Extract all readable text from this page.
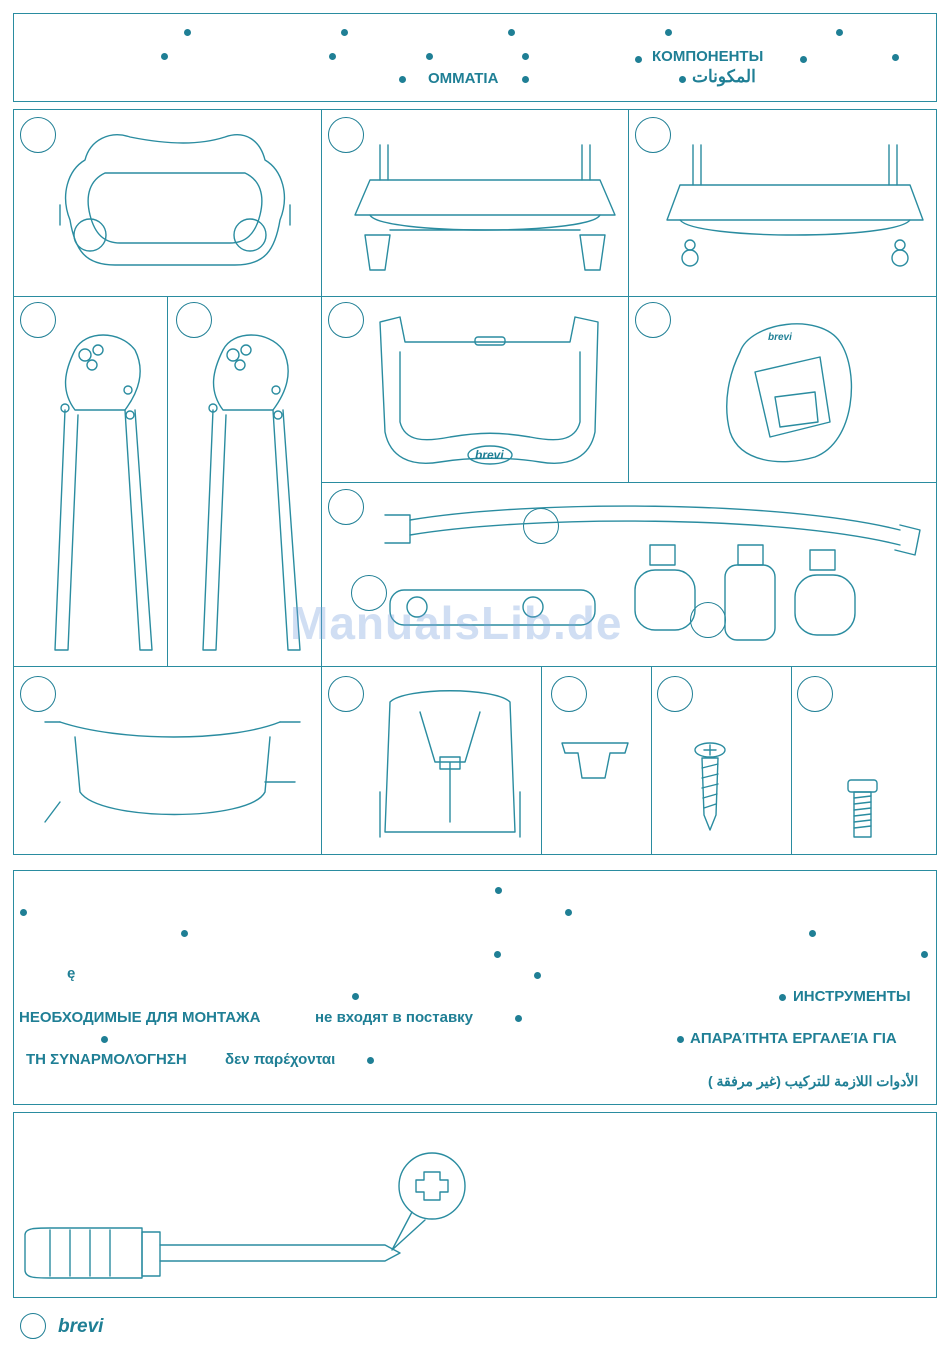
КОМПОНЕНТЫ
ΟΜΜΑΤΙΑ	المكونات
brevi
brevi
ManualsLib.de
ę
ИНСТРУМЕНТЫ
НЕОБХОДИМЫЕ ДЛЯ МОНТАЖА	не входят в поставку
ΑΠΑΡΑΊΤΗΤΑ ΕΡΓΑΛΕΊΑ ΓΙΑ
ΤΗ ΣΥΝΑΡΜΟΛΌΓΗΣΗ	δεν παρέχονται
الأدوات اللازمة للتركيب (غير مرفقة )
brevi
